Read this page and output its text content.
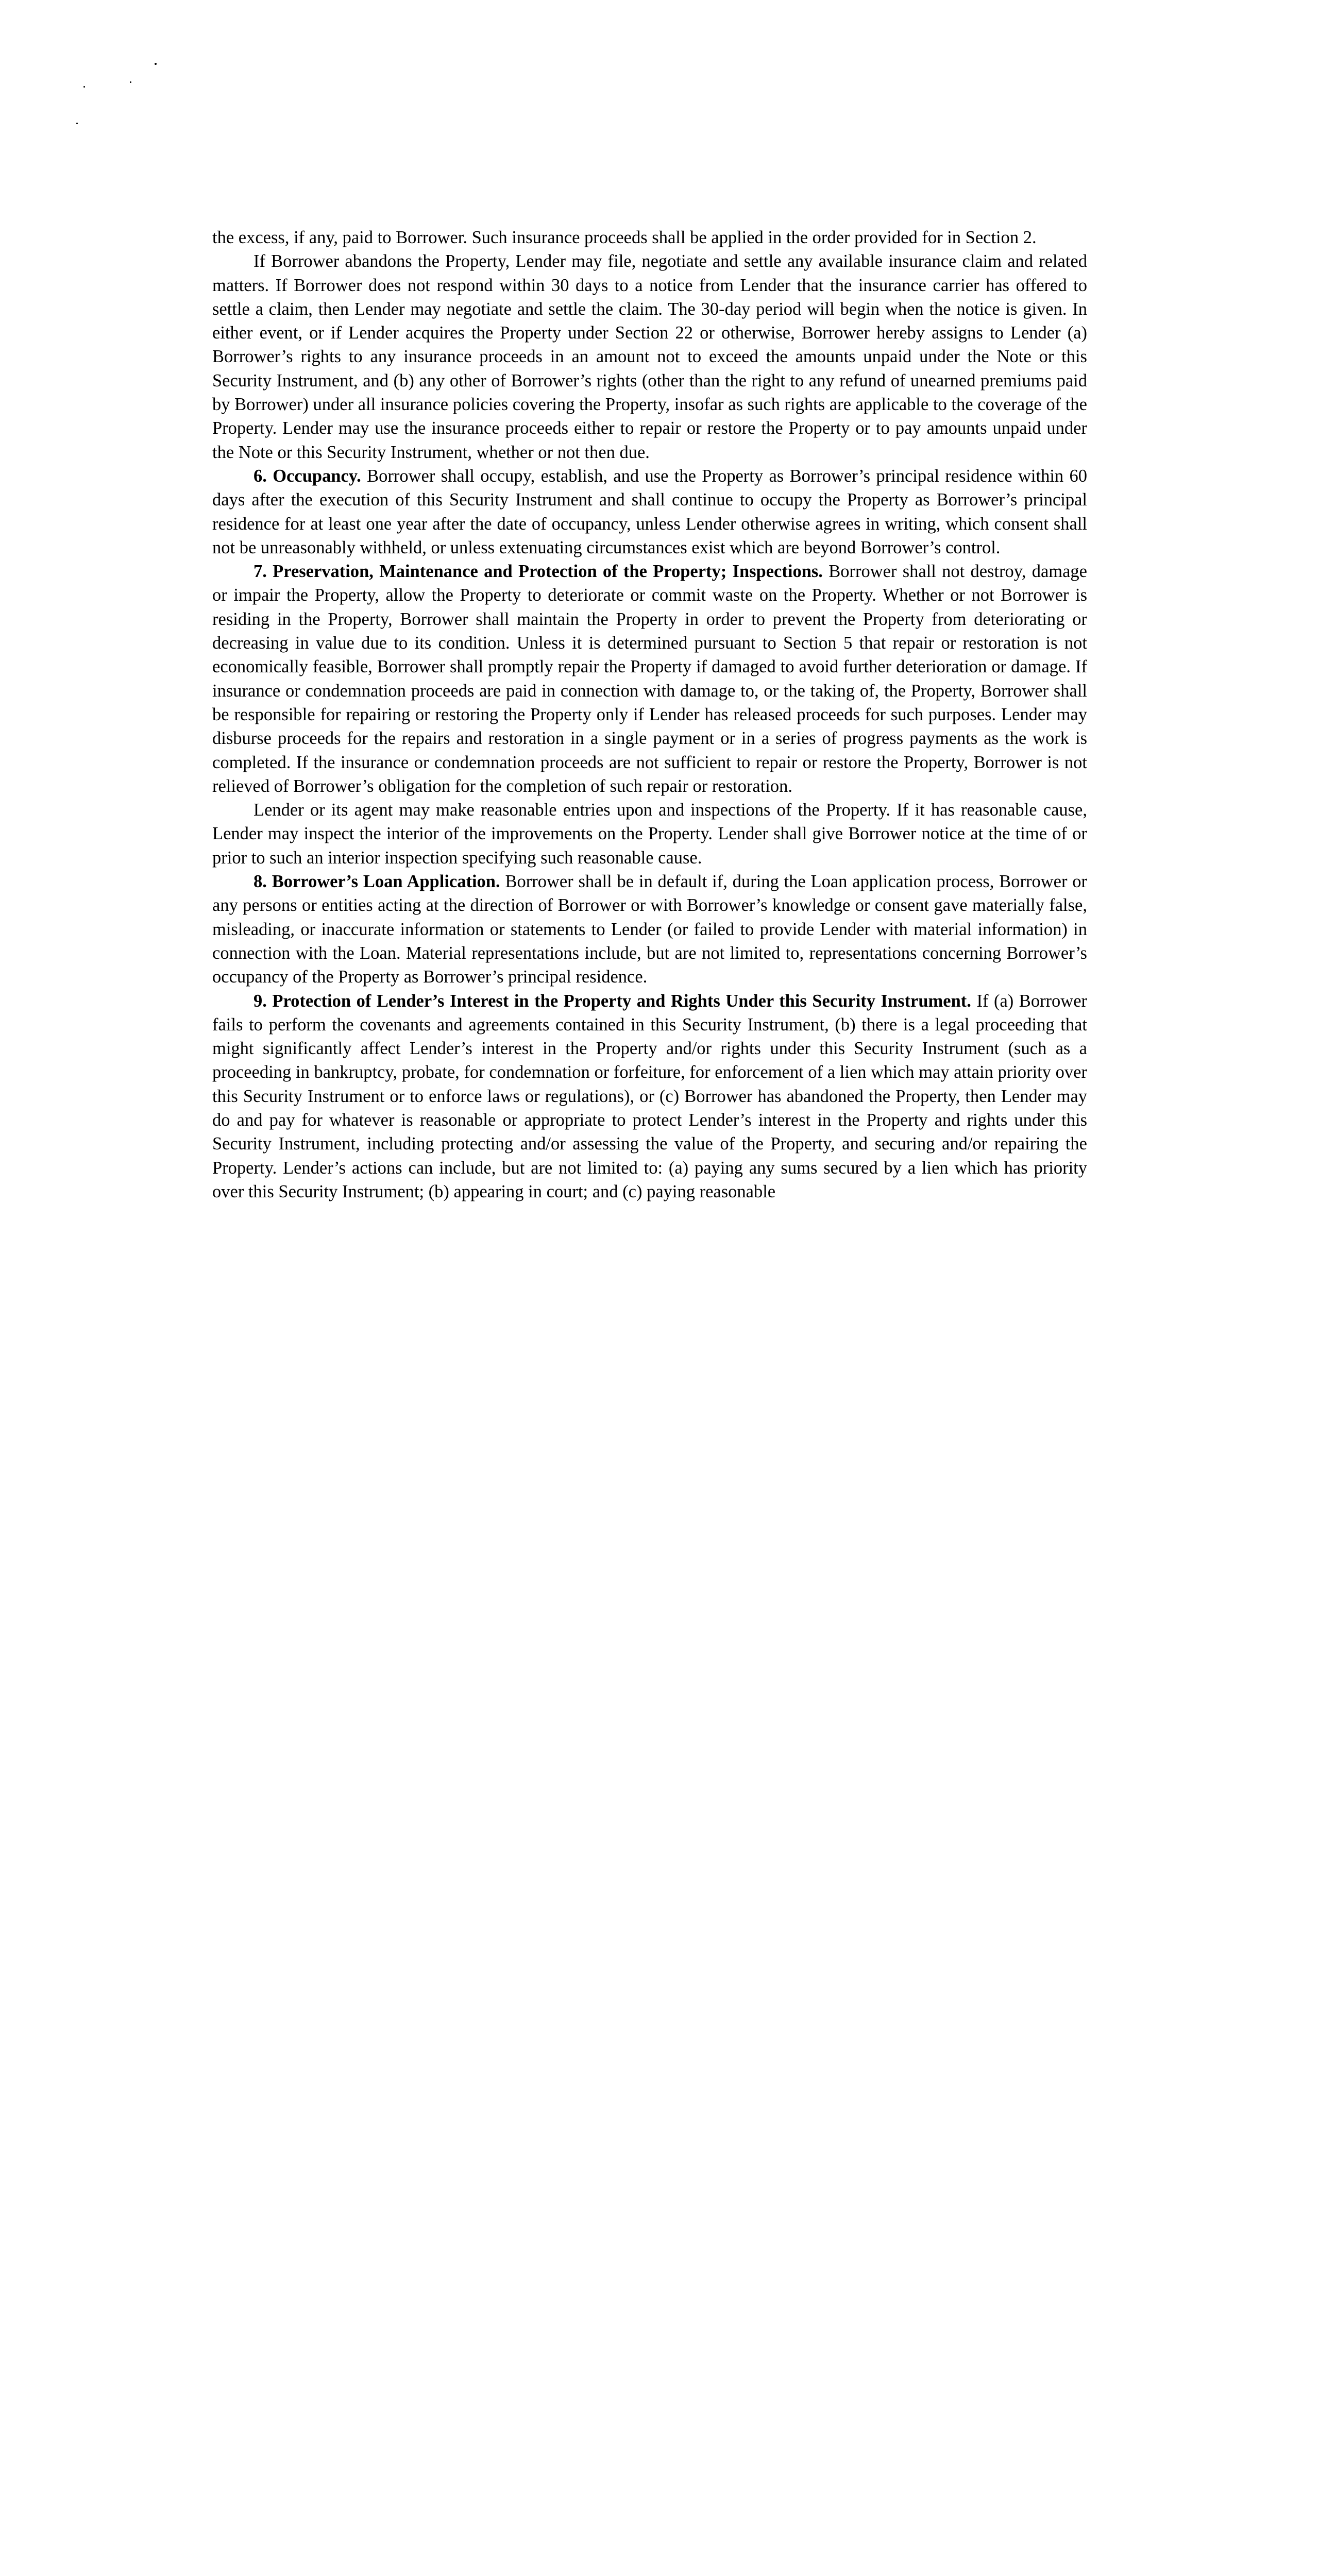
the excess, if any, paid to Borrower. Such insurance proceeds shall be applied in the order provided for in Section 2.

If Borrower abandons the Property, Lender may file, negotiate and settle any available insurance claim and related matters. If Borrower does not respond within 30 days to a notice from Lender that the insurance carrier has offered to settle a claim, then Lender may negotiate and settle the claim. The 30-day period will begin when the notice is given. In either event, or if Lender acquires the Property under Section 22 or otherwise, Borrower hereby assigns to Lender (a) Borrower’s rights to any insurance proceeds in an amount not to exceed the amounts unpaid under the Note or this Security Instrument, and (b) any other of Borrower’s rights (other than the right to any refund of unearned premiums paid by Borrower) under all insurance policies covering the Property, insofar as such rights are applicable to the coverage of the Property. Lender may use the insurance proceeds either to repair or restore the Property or to pay amounts unpaid under the Note or this Security Instrument, whether or not then due.

6. Occupancy. Borrower shall occupy, establish, and use the Property as Borrower’s principal residence within 60 days after the execution of this Security Instrument and shall continue to occupy the Property as Borrower’s principal residence for at least one year after the date of occupancy, unless Lender otherwise agrees in writing, which consent shall not be unreasonably withheld, or unless extenuating circumstances exist which are beyond Borrower’s control.

7. Preservation, Maintenance and Protection of the Property; Inspections. Borrower shall not destroy, damage or impair the Property, allow the Property to deteriorate or commit waste on the Property. Whether or not Borrower is residing in the Property, Borrower shall maintain the Property in order to prevent the Property from deteriorating or decreasing in value due to its condition. Unless it is determined pursuant to Section 5 that repair or restoration is not economically feasible, Borrower shall promptly repair the Property if damaged to avoid further deterioration or damage. If insurance or condemnation proceeds are paid in connection with damage to, or the taking of, the Property, Borrower shall be responsible for repairing or restoring the Property only if Lender has released proceeds for such purposes. Lender may disburse proceeds for the repairs and restoration in a single payment or in a series of progress payments as the work is completed. If the insurance or condemnation proceeds are not sufficient to repair or restore the Property, Borrower is not relieved of Borrower’s obligation for the completion of such repair or restoration.

Lender or its agent may make reasonable entries upon and inspections of the Property. If it has reasonable cause, Lender may inspect the interior of the improvements on the Property. Lender shall give Borrower notice at the time of or prior to such an interior inspection specifying such reasonable cause.

8. Borrower’s Loan Application. Borrower shall be in default if, during the Loan application process, Borrower or any persons or entities acting at the direction of Borrower or with Borrower’s knowledge or consent gave materially false, misleading, or inaccurate information or statements to Lender (or failed to provide Lender with material information) in connection with the Loan. Material representations include, but are not limited to, representations concerning Borrower’s occupancy of the Property as Borrower’s principal residence.

9. Protection of Lender’s Interest in the Property and Rights Under this Security Instrument. If (a) Borrower fails to perform the covenants and agreements contained in this Security Instrument, (b) there is a legal proceeding that might significantly affect Lender’s interest in the Property and/or rights under this Security Instrument (such as a proceeding in bankruptcy, probate, for condemnation or forfeiture, for enforcement of a lien which may attain priority over this Security Instrument or to enforce laws or regulations), or (c) Borrower has abandoned the Property, then Lender may do and pay for whatever is reasonable or appropriate to protect Lender’s interest in the Property and rights under this Security Instrument, including protecting and/or assessing the value of the Property, and securing and/or repairing the Property. Lender’s actions can include, but are not limited to: (a) paying any sums secured by a lien which has priority over this Security Instrument; (b) appearing in court; and (c) paying reasonable
